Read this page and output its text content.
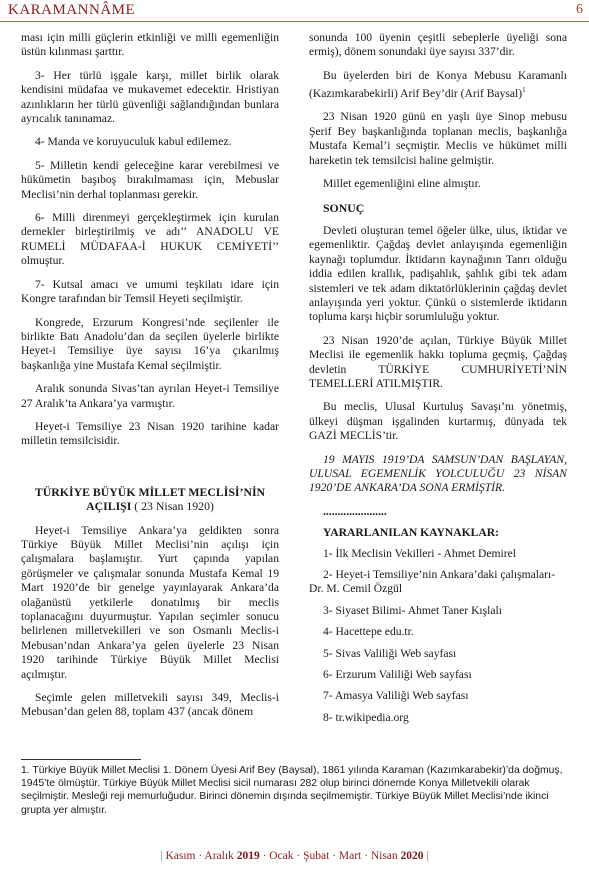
KARAMANNÂME	6

ması için milli güçlerin etkinliği ve milli egemenliğin üstün kılınması şarttır.

3- Her türlü işgale karşı, millet birlik olarak kendisini müdafaa ve mukavemet edecektir. Hristiyan azınlıkların her türlü güvenliği sağlandığından bunlara ayrıcalık tanınamaz.

4- Manda ve koruyuculuk kabul edilemez.

5- Milletin kendi geleceğine karar verebilmesi ve hükümetin başıboş bırakılmaması için, Mebuslar Meclisi’nin derhal toplanması gerekir.

6- Milli direnmeyi gerçekleştirmek için kurulan dernekler birleştirilmiş ve adı’’ ANADOLU VE RUMELİ MÜDAFAA-İ HUKUK CEMİYETİ’’ olmuştur.

7- Kutsal amacı ve umumi teşkilatı idare için Kongre tarafından bir Temsil Heyeti seçilmiştir.

Kongrede, Erzurum Kongresi’nde seçilenler ile birlikte Batı Anadolu’dan da seçilen üyelerle birlikte Heyet-i Temsiliye üye sayısı 16’ya çıkarılmış başkanlığa yine Mustafa Kemal seçilmiştir.

Aralık sonunda Sivas’tan ayrılan Heyet-i Temsiliye 27 Aralık’ta Ankara’ya varmıştır.

Heyet-i Temsiliye 23 Nisan 1920 tarihine kadar milletin temsilcisidir.

TÜRKİYE BÜYÜK MİLLET MECLİSİ’NİN AÇILIŞI ( 23 Nisan 1920)

Heyet-i Temsiliye Ankara’ya geldikten sonra Türkiye Büyük Millet Meclisi’nin açılışı için çalışmalara başlamıştır. Yurt çapında yapılan görüşmeler ve çalışmalar sonunda Mustafa Kemal 19 Mart 1920’de bir genelge yayınlayarak Ankara’da olağanüstü yetkilerle donatılmış bir meclis toplanacağını duyurmuştur. Yapılan seçimler sonucu belirlenen milletvekilleri ve son Osmanlı Meclis-i Mebusan’ndan Ankara’ya gelen üyelerle 23 Nisan 1920 tarihinde Türkiye Büyük Millet Meclisi açılmıştır.

Seçimle gelen milletvekili sayısı 349, Meclis-i Mebusan’dan gelen 88, toplam 437 (ancak dönem

sonunda 100 üyenin çeşitli sebeplerle üyeliği sona ermiş), dönem sonundaki üye sayısı 337’dir.

Bu üyelerden biri de Konya Mebusu Karamanlı (Kazımkarabekirli) Arif Bey’dir (Arif Baysal)$^1$

23 Nisan 1920 günü en yaşlı üye Sinop mebusu Şerif Bey başkanlığında toplanan meclis, başkanlığa Mustafa Kemal’i seçmiştir. Meclis ve hükümet milli hareketin tek temsilcisi haline gelmiştir.

Millet egemenliğini eline almıştır.

SONUÇ

Devleti oluşturan temel öğeler ülke, ulus, iktidar ve egemenliktir. Çağdaş devlet anlayışında egemenliğin kaynağı toplumdur. İktidarın kaynağının Tanrı olduğu iddia edilen krallık, padişahlık, şahlık gibi tek adam sistemleri ve tek adam diktatörlüklerinin çağdaş devlet anlayışında yeri yoktur. Çünkü o sistemlerde iktidarın topluma karşı hiçbir sorumluluğu yoktur.

23 Nisan 1920’de açılan, Türkiye Büyük Millet Meclisi ile egemenlik hakkı topluma geçmiş, Çağdaş devletin TÜRKİYE CUMHURİYETİ’NİN TEMELLERİ ATILMIŞTIR.

Bu meclis, Ulusal Kurtuluş Savaşı’nı yönetmiş, ülkeyi düşman işgalinden kurtarmış, dünyada tek GAZİ MECLİS’tir.

19 MAYIS 1919’DA SAMSUN’DAN BAŞLAYAN, ULUSAL EGEMENLİK YOLCULUĞU 23 NİSAN 1920’DE ANKARA’DA SONA ERMİŞTİR.

......................
YARARLANILAN KAYNAKLAR:
1- İlk Meclisin Vekilleri - Ahmet Demirel
2- Heyet-i Temsiliye’nin Ankara’daki çalışmaları-Dr. M. Cemil Özgül
3- Siyaset Bilimi- Ahmet Taner Kışlalı
4- Hacettepe edu.tr.
5- Sivas Valiliği Web sayfası
6- Erzurum Valiliği Web sayfası
7- Amasya Valiliği Web sayfası
8- tr.wikipedia.org
1. Türkiye Büyük Millet Meclisi 1. Dönem Üyesi Arif Bey (Baysal), 1861 yılında Karaman (Kazımkarabekir)’da doğmuş, 1945’te ölmüştür. Türkiye Büyük Millet Meclisi sicil numarası 282 olup birinci dönemde Konya Milletvekili olarak seçilmiştir. Mesleği reji memurluğudur. Birinci dönemin dışında seçilmemiştir. Türkiye Büyük Millet Meclisi’nde ikinci grupta yer almıştır.
| Kasım · Aralık 2019 · Ocak · Şubat · Mart · Nisan 2020 |
